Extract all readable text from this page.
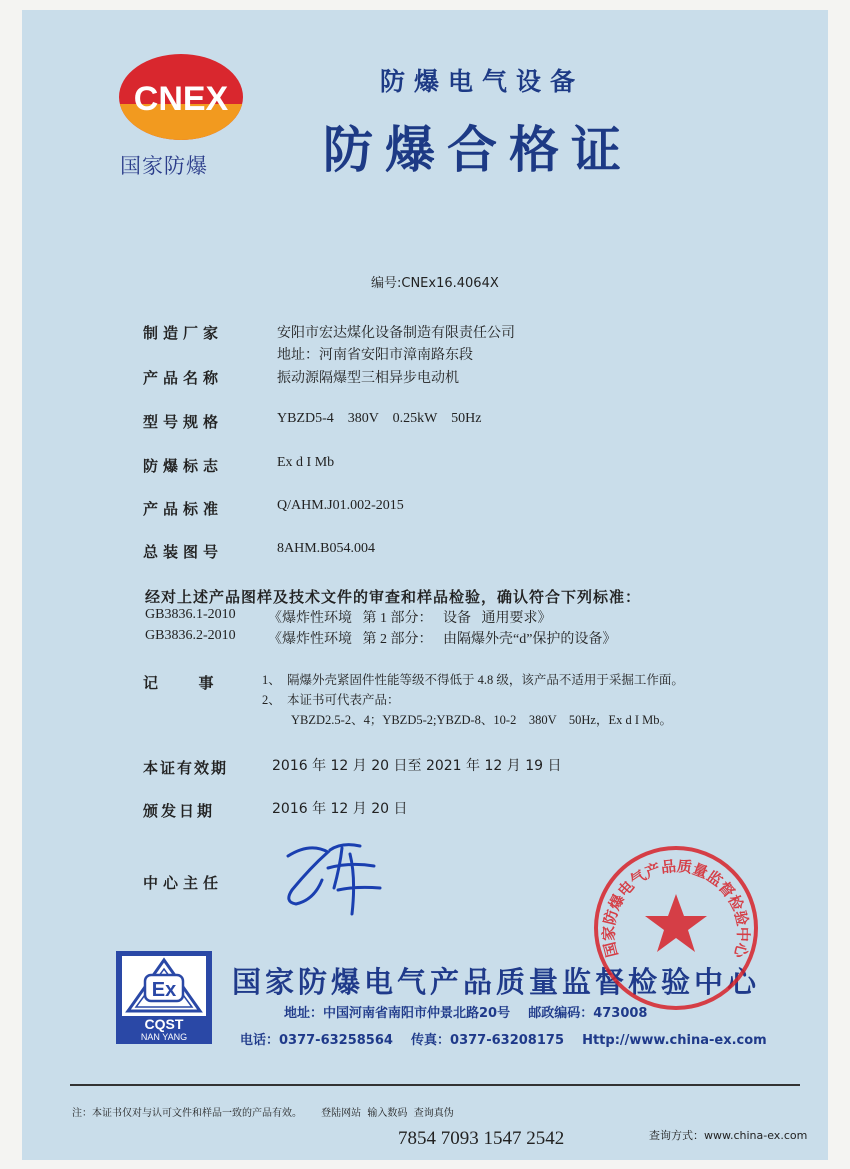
CNEX
国家防爆
防爆电气设备
防爆合格证
编号:CNEx16.4064X
制造厂家	安阳市宏达煤化设备制造有限责任公司
地址：河南省安阳市漳南路东段
产品名称	振动源隔爆型三相异步电动机
型号规格	YBZD5-4    380V    0.25kW    50Hz
防爆标志	Ex d I Mb
产品标准	Q/AHM.J01.002-2015
总装图号	8AHM.B054.004
经对上述产品图样及技术文件的审查和样品检验，确认符合下列标准：
GB3836.1-2010 《爆炸性环境   第 1 部分：   设备   通用要求》
GB3836.2-2010 《爆炸性环境   第 2 部分：   由隔爆外壳“d”保护的设备》
记  事	1、  隔爆外壳紧固件性能等级不得低于 4.8 级，该产品不适用于采掘工作面。
2、  本证书可代表产品：
YBZD2.5-2、4；YBZD5-2;YBZD-8、10-2    380V    50Hz，Ex d I Mb。
本证有效期	2016 年 12 月 20 日至 2021 年 12 月 19 日
颁发日期	2016 年 12 月 20 日
中心主任
Ex
CQST
NAN YANG
国家防爆电气产品质量监督检验中心
地址：中国河南省南阳市仲景北路20号    邮政编码：473008
电话：0377-63258564    传真：0377-63208175    Http://www.china-ex.com
国家防爆电气产品质量监督检验中心
注：本证书仅对与认可文件和样品一致的产品有效。      登陆网站  输入数码  查询真伪
7854 7093 1547 2542	查询方式：www.china-ex.com
